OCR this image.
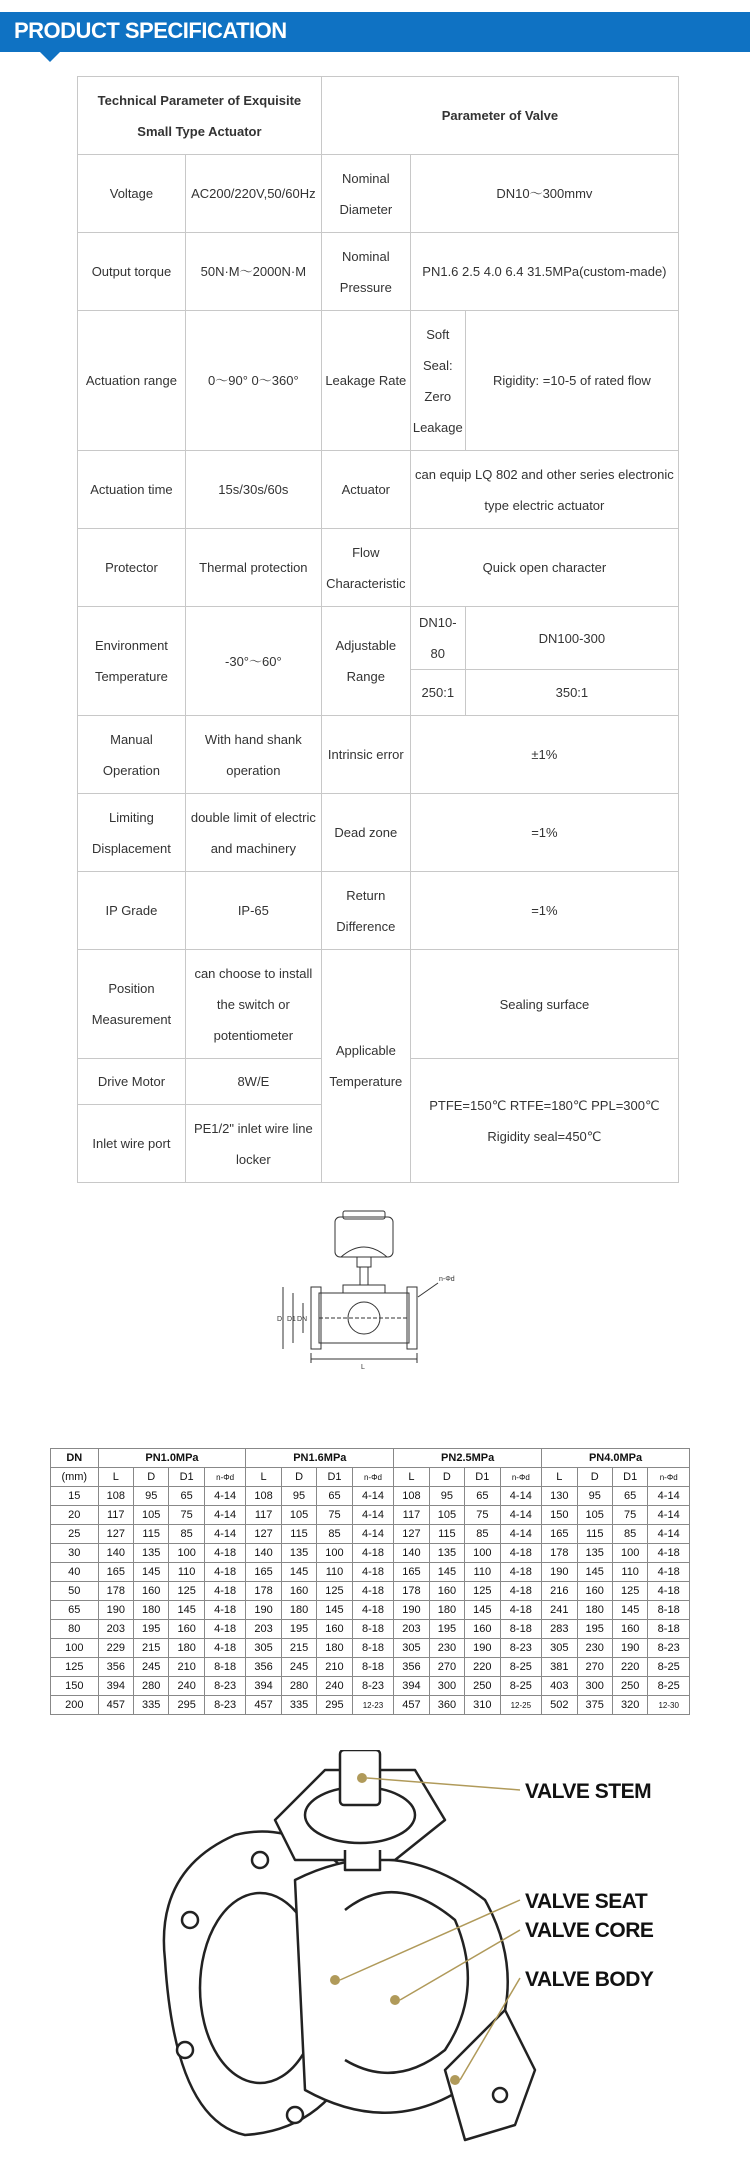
PRODUCT SPECIFICATION
Technical Parameter of Exquisite Small Type Actuator		Parameter of Valve		
Voltage	AC200/220V,50/60Hz	Nominal Diameter	DN10～300mmv	
Output torque	50N·M～2000N·M	Nominal Pressure	PN1.6 2.5 4.0 6.4 31.5MPa(custom-made)	
Actuation range	0～90° 0～360°	Leakage Rate	Soft Seal: Zero Leakage	Rigidity: =10-5 of rated flow
Actuation time	15s/30s/60s	Actuator	can equip LQ 802 and other series electronic type electric actuator	
Protector	Thermal protection	Flow Characteristic	Quick open character	
Environment Temperature	-30°～60°	Adjustable Range	DN10-80	DN100-300
			250:1	350:1
Manual Operation	With hand shank operation	Intrinsic error	±1%	
Limiting Displacement	double limit of electric and machinery	Dead zone	=1%	
IP Grade	IP-65	Return Difference	=1%	
Position Measurement	can choose to install the switch or potentiometer	Applicable Temperature	Sealing surface	
Drive Motor	8W/E		PTFE=150℃ RTFE=180℃ PPL=300℃
Rigidity seal=450℃	

Inlet wire port	PE1/2" inlet wire line locker			
n-Φd
D D1 DN
L
DN	PN1.0MPa				PN1.6MPa				PN2.5MPa				PN4.0MPa			
(mm)	L	D	D1	n-Φd	L	D	D1	n-Φd	L	D	D1	n-Φd	L	D	D1	n-Φd
15	108	95	65	4-14	108	95	65	4-14	108	95	65	4-14	130	95	65	4-14
20	117	105	75	4-14	117	105	75	4-14	117	105	75	4-14	150	105	75	4-14
25	127	115	85	4-14	127	115	85	4-14	127	115	85	4-14	165	115	85	4-14
30	140	135	100	4-18	140	135	100	4-18	140	135	100	4-18	178	135	100	4-18
40	165	145	110	4-18	165	145	110	4-18	165	145	110	4-18	190	145	110	4-18
50	178	160	125	4-18	178	160	125	4-18	178	160	125	4-18	216	160	125	4-18
65	190	180	145	4-18	190	180	145	4-18	190	180	145	4-18	241	180	145	8-18
80	203	195	160	4-18	203	195	160	8-18	203	195	160	8-18	283	195	160	8-18
100	229	215	180	4-18	305	215	180	8-18	305	230	190	8-23	305	230	190	8-23
125	356	245	210	8-18	356	245	210	8-18	356	270	220	8-25	381	270	220	8-25
150	394	280	240	8-23	394	280	240	8-23	394	300	250	8-25	403	300	250	8-25
200	457	335	295	8-23	457	335	295	12-23	457	360	310	12-25	502	375	320	12-30
VALVE STEM
VALVE SEAT
VALVE CORE
VALVE BODY
